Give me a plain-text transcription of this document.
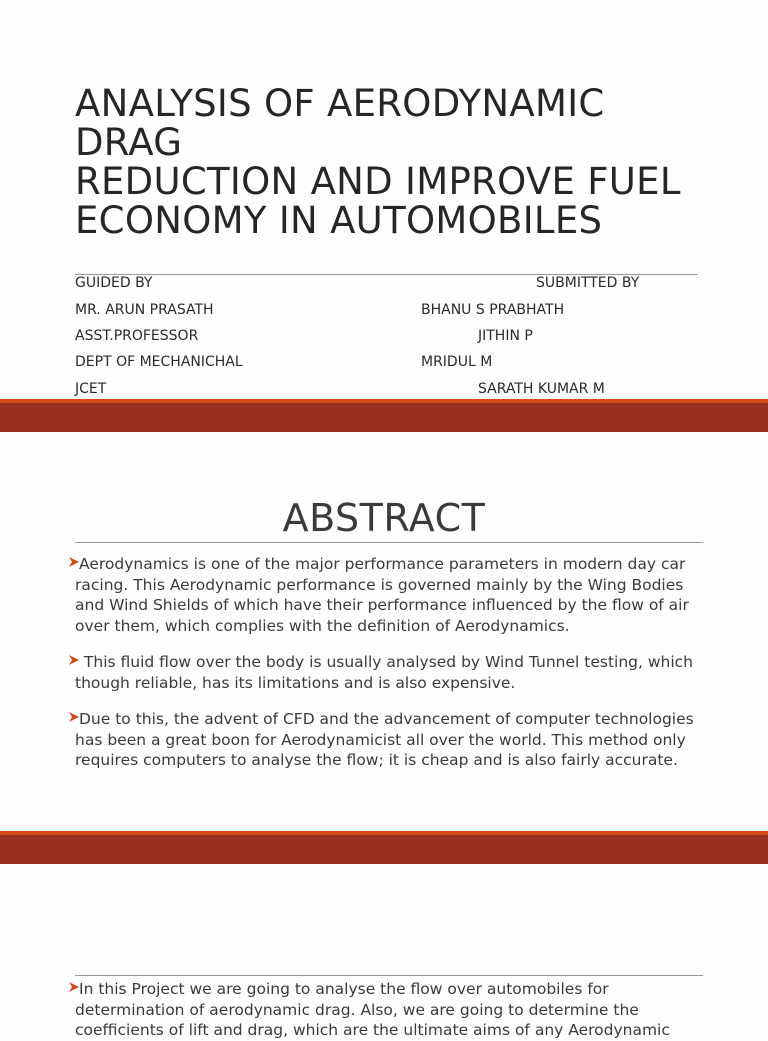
ANALYSIS OF AERODYNAMIC
DRAG
REDUCTION AND IMPROVE FUEL
ECONOMY IN AUTOMOBILES
GUIDED BY	SUBMITTED BY
MR. ARUN PRASATH	BHANU S PRABHATH
ASST.PROFESSOR	JITHIN P
DEPT OF MECHANICHAL	MRIDUL M
JCET	SARATH KUMAR M
ABSTRACT
Aerodynamics is one of the major performance parameters in modern day car racing. This Aerodynamic performance is governed mainly by the Wing Bodies and Wind Shields of which have their performance influenced by the flow of air over them, which complies with the definition of Aerodynamics.
This fluid flow over the body is usually analysed by Wind Tunnel testing, which though reliable, has its limitations and is also expensive.
Due to this, the advent of CFD and the advancement of computer technologies has been a great boon for Aerodynamicist all over the world. This method only requires computers to analyse the flow; it is cheap and is also fairly accurate.
In this Project we are going to analyse the flow over automobiles for determination of aerodynamic drag. Also, we are going to determine the coefficients of lift and drag, which are the ultimate aims of any Aerodynamic
